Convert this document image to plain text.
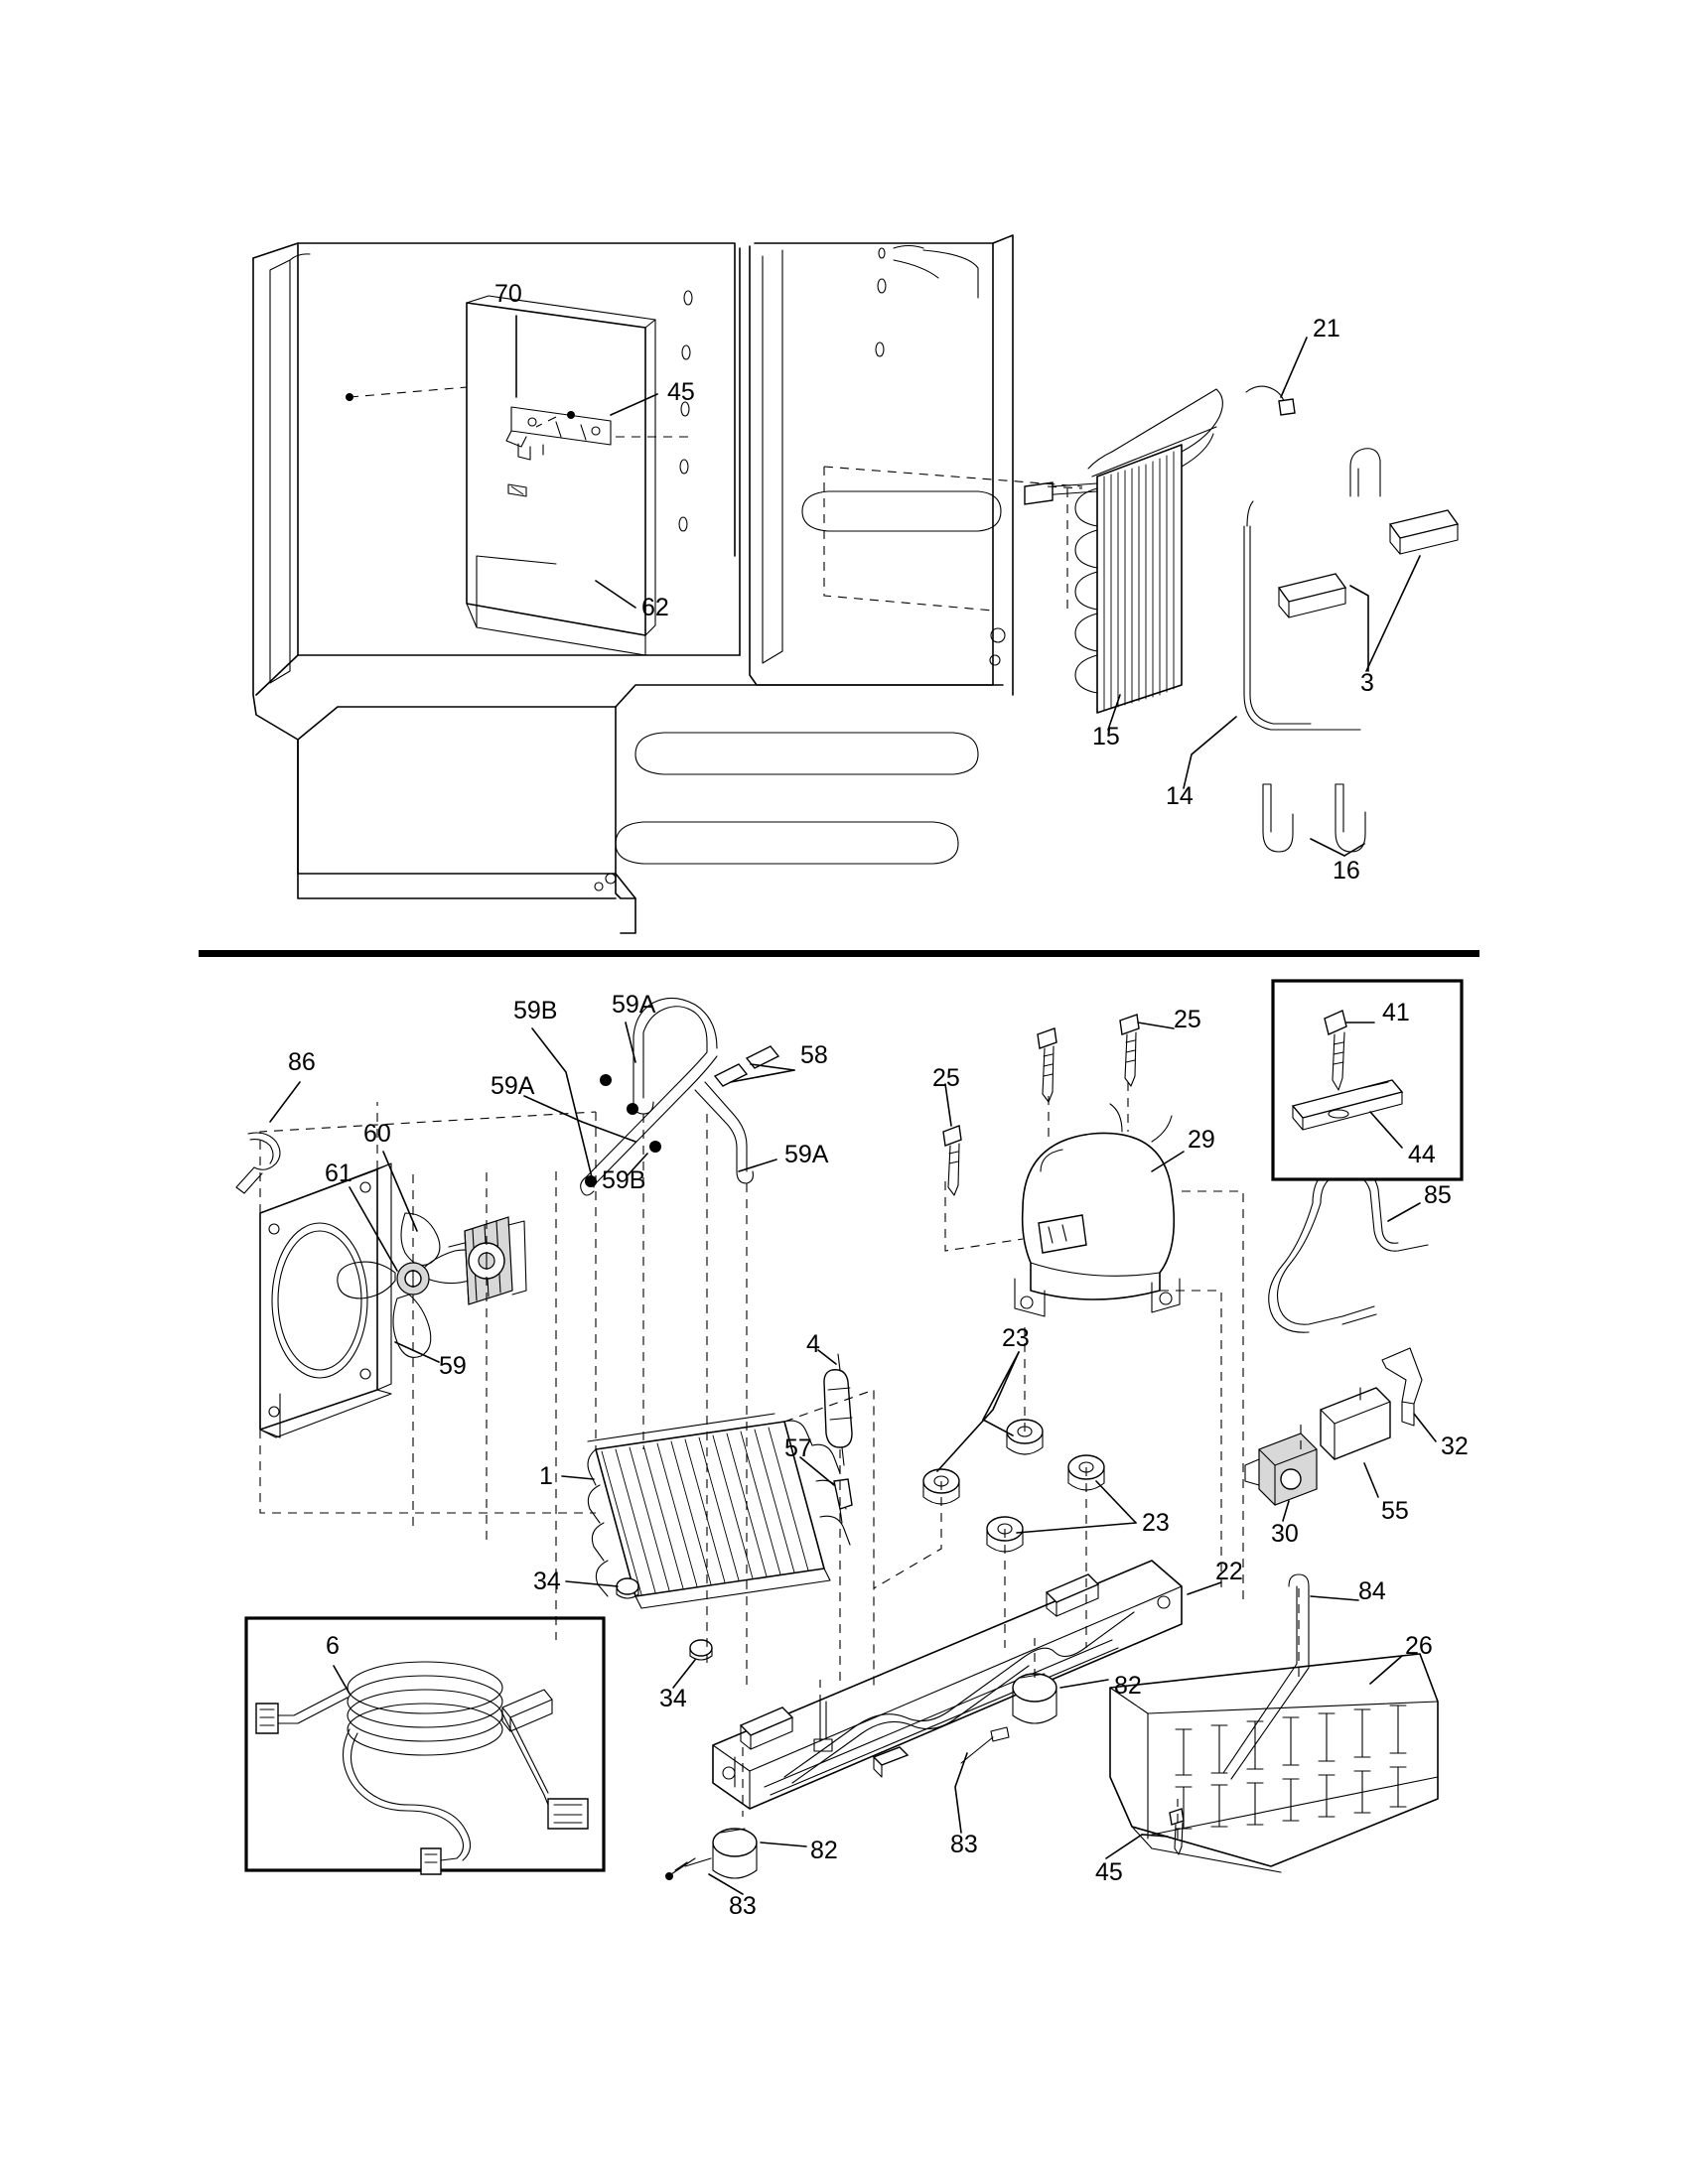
70
45
62
21
15
3
14
16
86
60
61
59
59B 59A
59A
59A
59B
58
4
1
57
34
34
25
25
29
23
23
22
41
44
85
32
55
30
84
26
82
83
82
83
45
6
